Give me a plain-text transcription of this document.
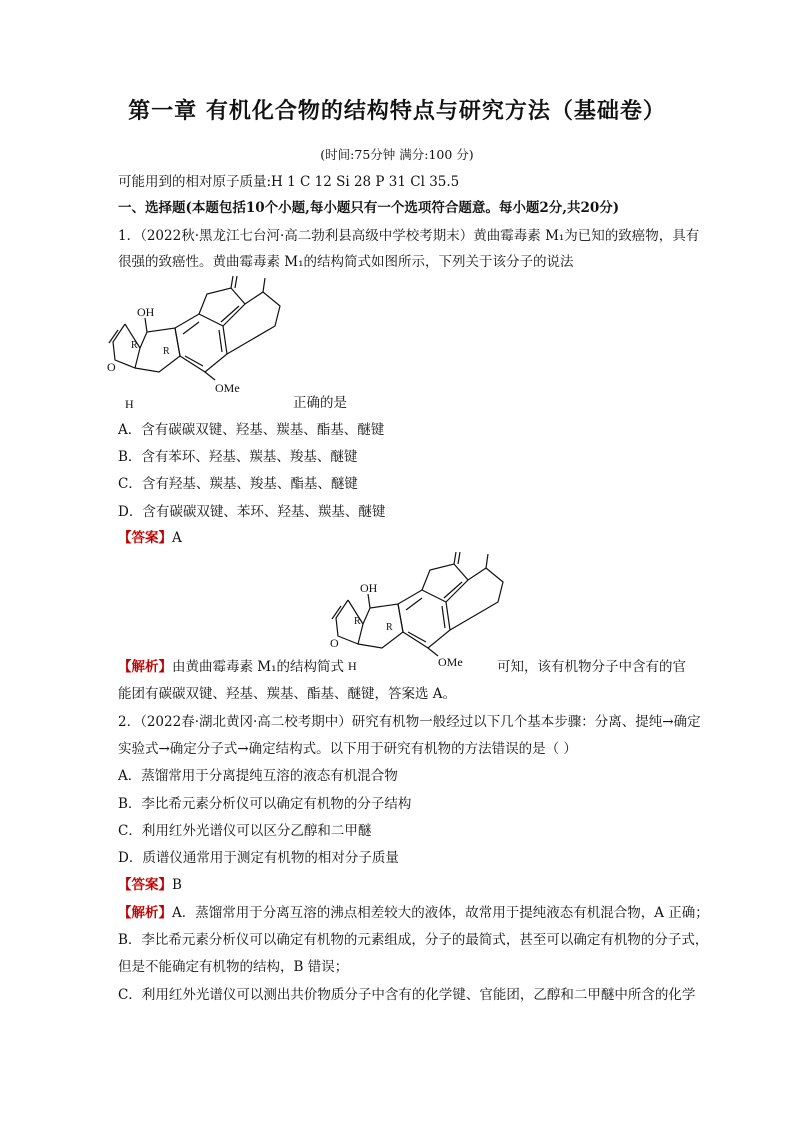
第一章 有机化合物的结构特点与研究方法（基础卷）
(时间:75分钟 满分:100 分)
可能用到的相对原子质量:H 1 C 12 Si 28 P 31 Cl 35.5
一、选择题(本题包括10个小题,每小题只有一个选项符合题意。每小题2分,共20分)
1．（2022秋·黑龙江七台河·高二勃利县高级中学校考期末）黄曲霉毒素 M₁为已知的致癌物，具有
很强的致癌性。黄曲霉毒素 M₁的结构简式如图所示，下列关于该分子的说法
OH
O
R
R
H
OMe
正确的是
A．含有碳碳双键、羟基、羰基、酯基、醚键
B．含有苯环、羟基、羰基、羧基、醚键
C．含有羟基、羰基、羧基、酯基、醚键
D．含有碳碳双键、苯环、羟基、羰基、醚键
【答案】A
OH
O
R
R
H	OMe
【解析】由黄曲霉毒素 M₁的结构简式	可知，该有机物分子中含有的官
能团有碳碳双键、羟基、羰基、酯基、醚键，答案选 A。
2．（2022春·湖北黄冈·高二校考期中）研究有机物一般经过以下几个基本步骤：分离、提纯→确定
实验式→确定分子式→确定结构式。以下用于研究有机物的方法错误的是（ ）
A．蒸馏常用于分离提纯互溶的液态有机混合物
B．李比希元素分析仪可以确定有机物的分子结构
C．利用红外光谱仪可以区分乙醇和二甲醚
D．质谱仪通常用于测定有机物的相对分子质量
【答案】B
【解析】A．蒸馏常用于分离互溶的沸点相差较大的液体，故常用于提纯液态有机混合物，A 正确；
B．李比希元素分析仪可以确定有机物的元素组成，分子的最简式，甚至可以确定有机物的分子式，
但是不能确定有机物的结构，B 错误；
C．利用红外光谱仪可以测出共价物质分子中含有的化学键、官能团，乙醇和二甲醚中所含的化学
